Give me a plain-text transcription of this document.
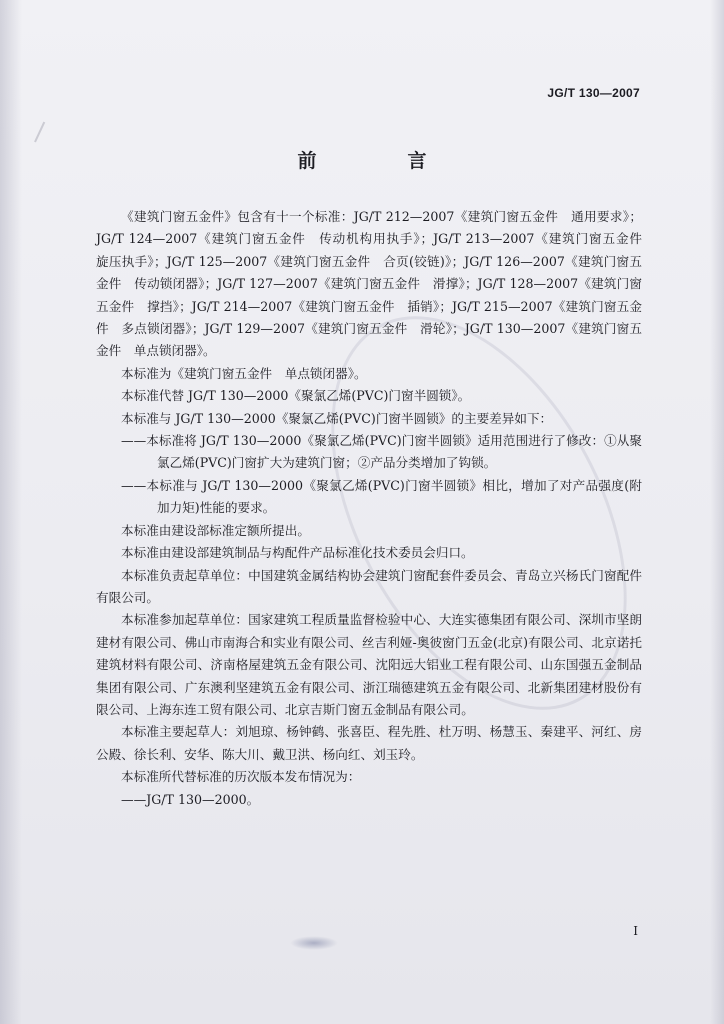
JG/T 130—2007
前　言

《建筑门窗五金件》包含有十一个标准：JG/T 212—2007《建筑门窗五金件　通用要求》；JG/T 124—2007《建筑门窗五金件　传动机构用执手》；JG/T 213—2007《建筑门窗五金件　旋压执手》；JG/T 125—2007《建筑门窗五金件　合页(铰链)》；JG/T 126—2007《建筑门窗五金件　传动锁闭器》；JG/T 127—2007《建筑门窗五金件　滑撑》；JG/T 128—2007《建筑门窗五金件　撑挡》；JG/T 214—2007《建筑门窗五金件　插销》；JG/T 215—2007《建筑门窗五金件　多点锁闭器》；JG/T 129—2007《建筑门窗五金件　滑轮》；JG/T 130—2007《建筑门窗五金件　单点锁闭器》。

本标准为《建筑门窗五金件　单点锁闭器》。

本标准代替 JG/T 130—2000《聚氯乙烯(PVC)门窗半圆锁》。

本标准与 JG/T 130—2000《聚氯乙烯(PVC)门窗半圆锁》的主要差异如下：

——本标准将 JG/T 130—2000《聚氯乙烯(PVC)门窗半圆锁》适用范围进行了修改：①从聚氯乙烯(PVC)门窗扩大为建筑门窗；②产品分类增加了钩锁。

——本标准与 JG/T 130—2000《聚氯乙烯(PVC)门窗半圆锁》相比，增加了对产品强度(附加力矩)性能的要求。

本标准由建设部标准定额所提出。

本标准由建设部建筑制品与构配件产品标准化技术委员会归口。

本标准负责起草单位：中国建筑金属结构协会建筑门窗配套件委员会、青岛立兴杨氏门窗配件有限公司。

本标准参加起草单位：国家建筑工程质量监督检验中心、大连实德集团有限公司、深圳市坚朗建材有限公司、佛山市南海合和实业有限公司、丝吉利娅-奥彼窗门五金(北京)有限公司、北京诺托建筑材料有限公司、济南格屋建筑五金有限公司、沈阳远大铝业工程有限公司、山东国强五金制品集团有限公司、广东澳利坚建筑五金有限公司、浙江瑞德建筑五金有限公司、北新集团建材股份有限公司、上海东连工贸有限公司、北京吉斯门窗五金制品有限公司。

本标准主要起草人：刘旭琼、杨钟鹤、张喜臣、程先胜、杜万明、杨慧玉、秦建平、河红、房公殿、徐长利、安华、陈大川、戴卫洪、杨向红、刘玉玲。

本标准所代替标准的历次版本发布情况为：

——JG/T 130—2000。

I
